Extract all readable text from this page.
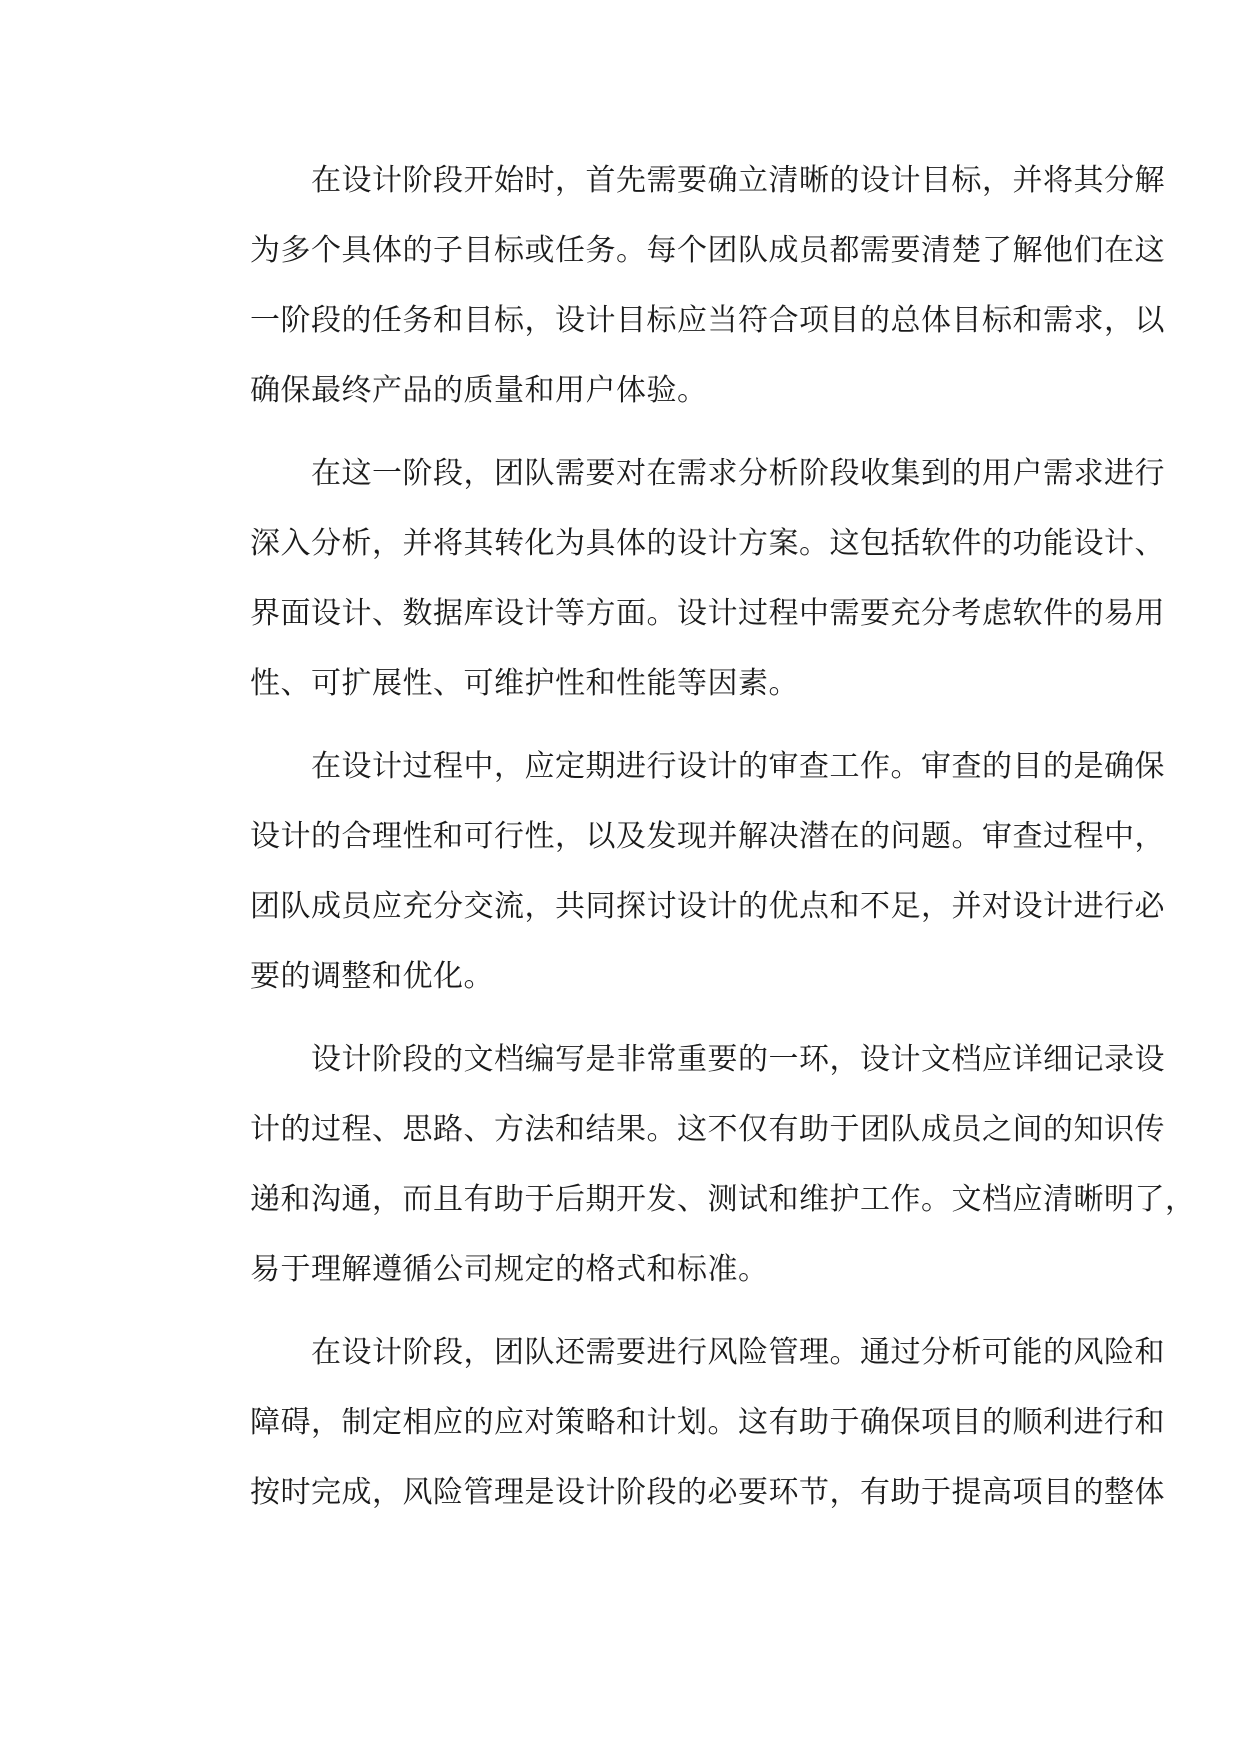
在设计阶段开始时，首先需要确立清晰的设计目标，并将其分解
为多个具体的子目标或任务。每个团队成员都需要清楚了解他们在这
一阶段的任务和目标，设计目标应当符合项目的总体目标和需求，以
确保最终产品的质量和用户体验。
在这一阶段，团队需要对在需求分析阶段收集到的用户需求进行
深入分析，并将其转化为具体的设计方案。这包括软件的功能设计、
界面设计、数据库设计等方面。设计过程中需要充分考虑软件的易用
性、可扩展性、可维护性和性能等因素。
在设计过程中，应定期进行设计的审查工作。审查的目的是确保
设计的合理性和可行性，以及发现并解决潜在的问题。审查过程中，
团队成员应充分交流，共同探讨设计的优点和不足，并对设计进行必
要的调整和优化。
设计阶段的文档编写是非常重要的一环，设计文档应详细记录设
计的过程、思路、方法和结果。这不仅有助于团队成员之间的知识传
递和沟通，而且有助于后期开发、测试和维护工作。文档应清晰明了，
易于理解遵循公司规定的格式和标准。
在设计阶段，团队还需要进行风险管理。通过分析可能的风险和
障碍，制定相应的应对策略和计划。这有助于确保项目的顺利进行和
按时完成，风险管理是设计阶段的必要环节，有助于提高项目的整体
